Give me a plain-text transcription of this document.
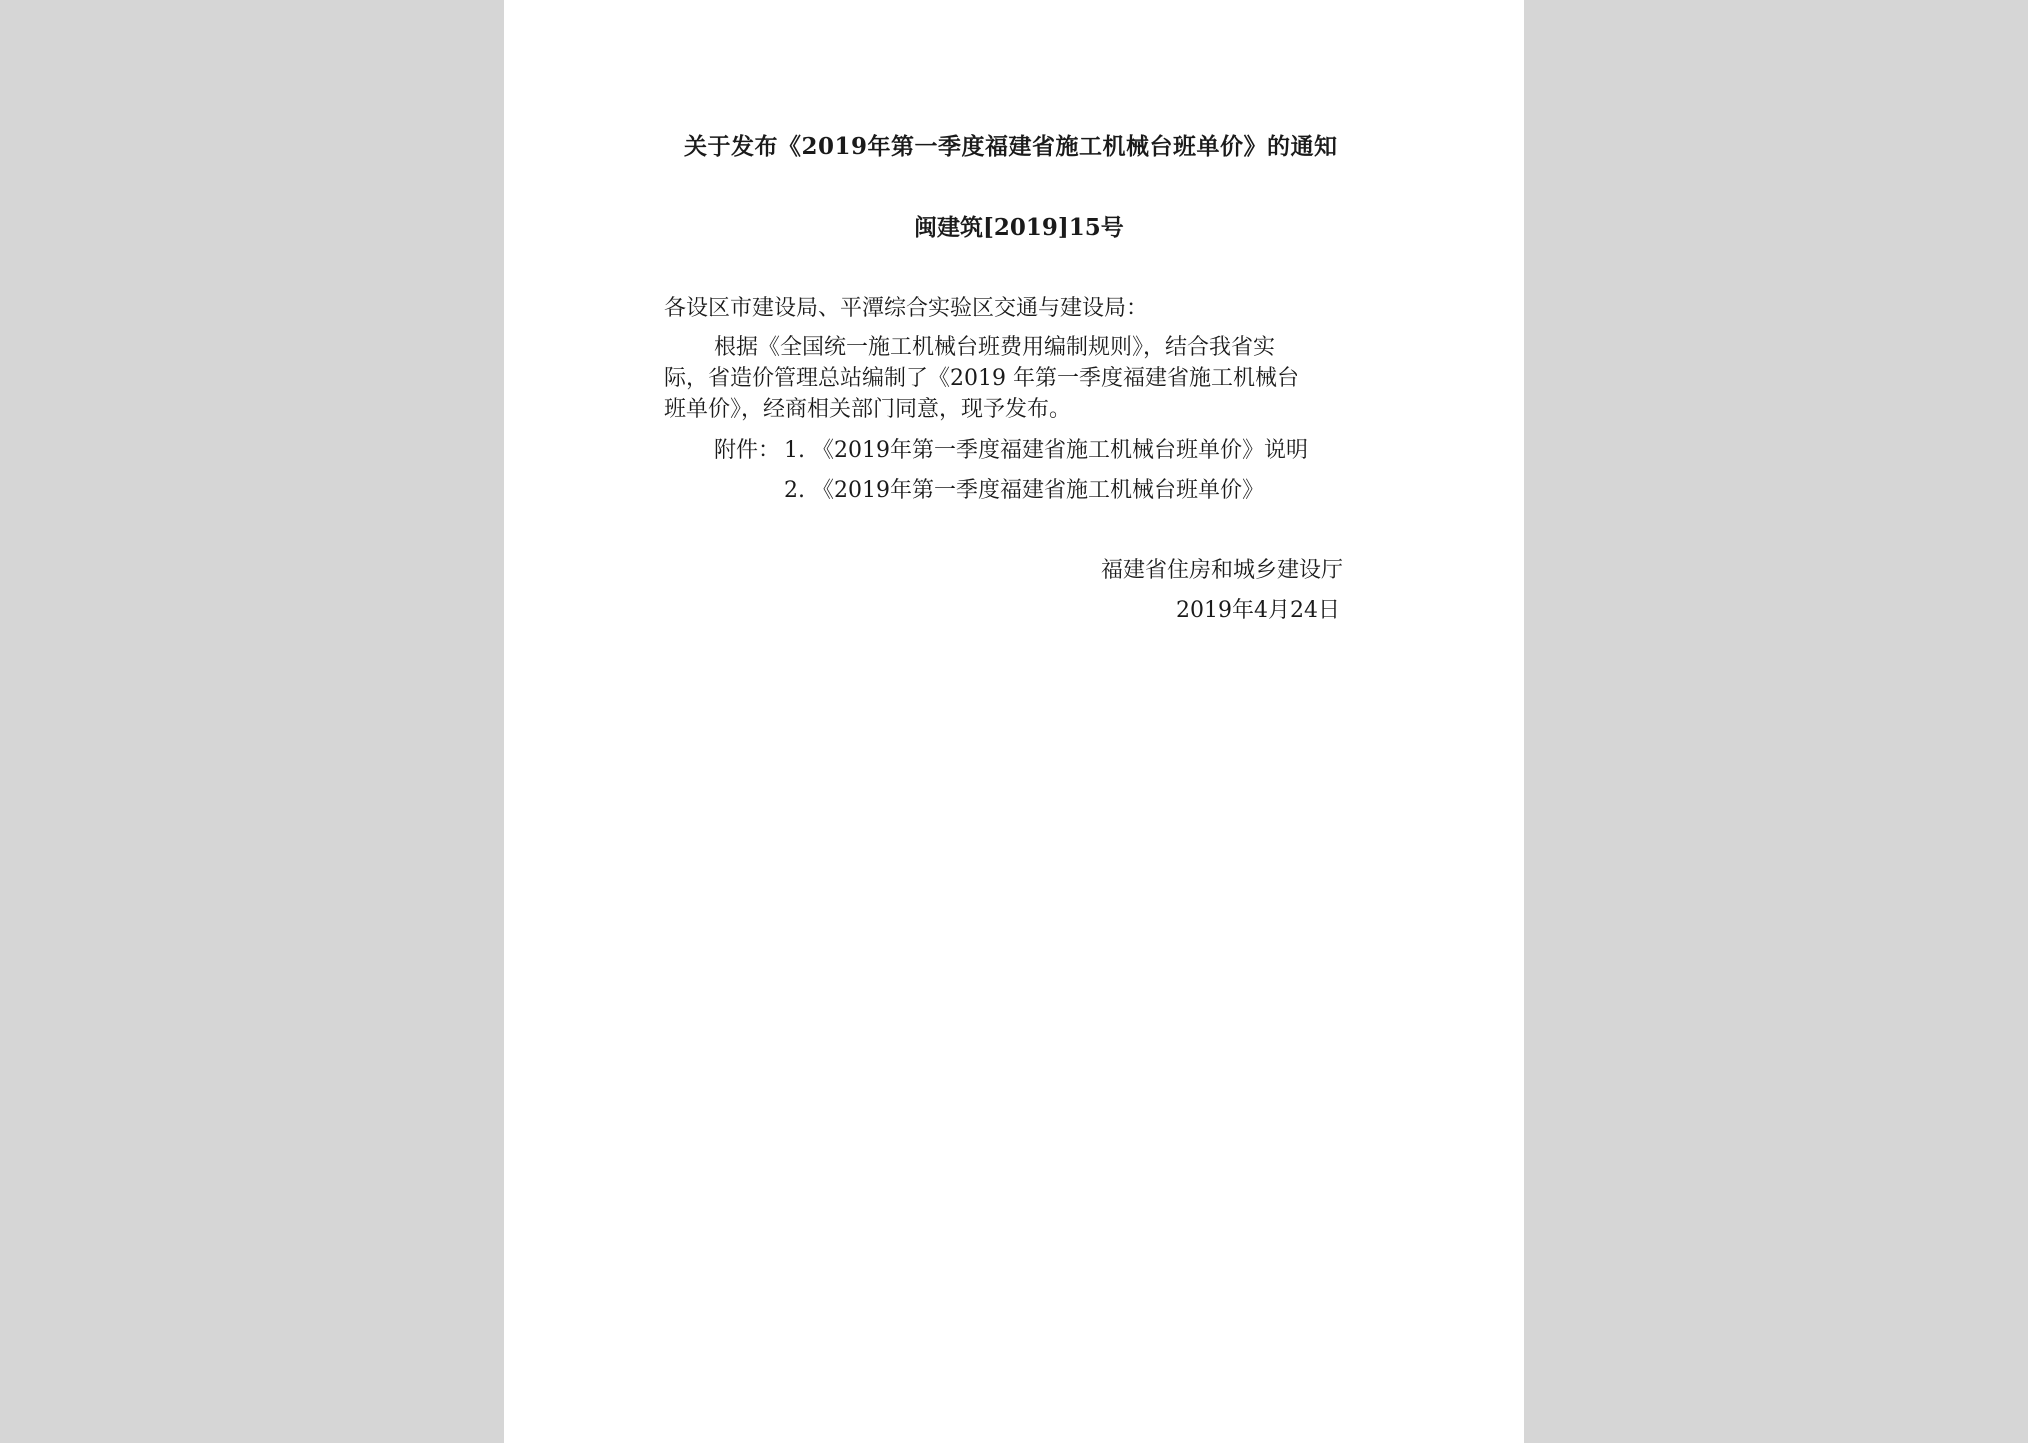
关于发布《2019年第一季度福建省施工机械台班单价》的通知
闽建筑[2019]15号
各设区市建设局、平潭综合实验区交通与建设局：
根据《全国统一施工机械台班费用编制规则》，结合我省实
际，省造价管理总站编制了《2019 年第一季度福建省施工机械台
班单价》，经商相关部门同意，现予发布。
附件： 1. 《2019年第一季度福建省施工机械台班单价》说明
2. 《2019年第一季度福建省施工机械台班单价》
福建省住房和城乡建设厅
2019年4月24日
